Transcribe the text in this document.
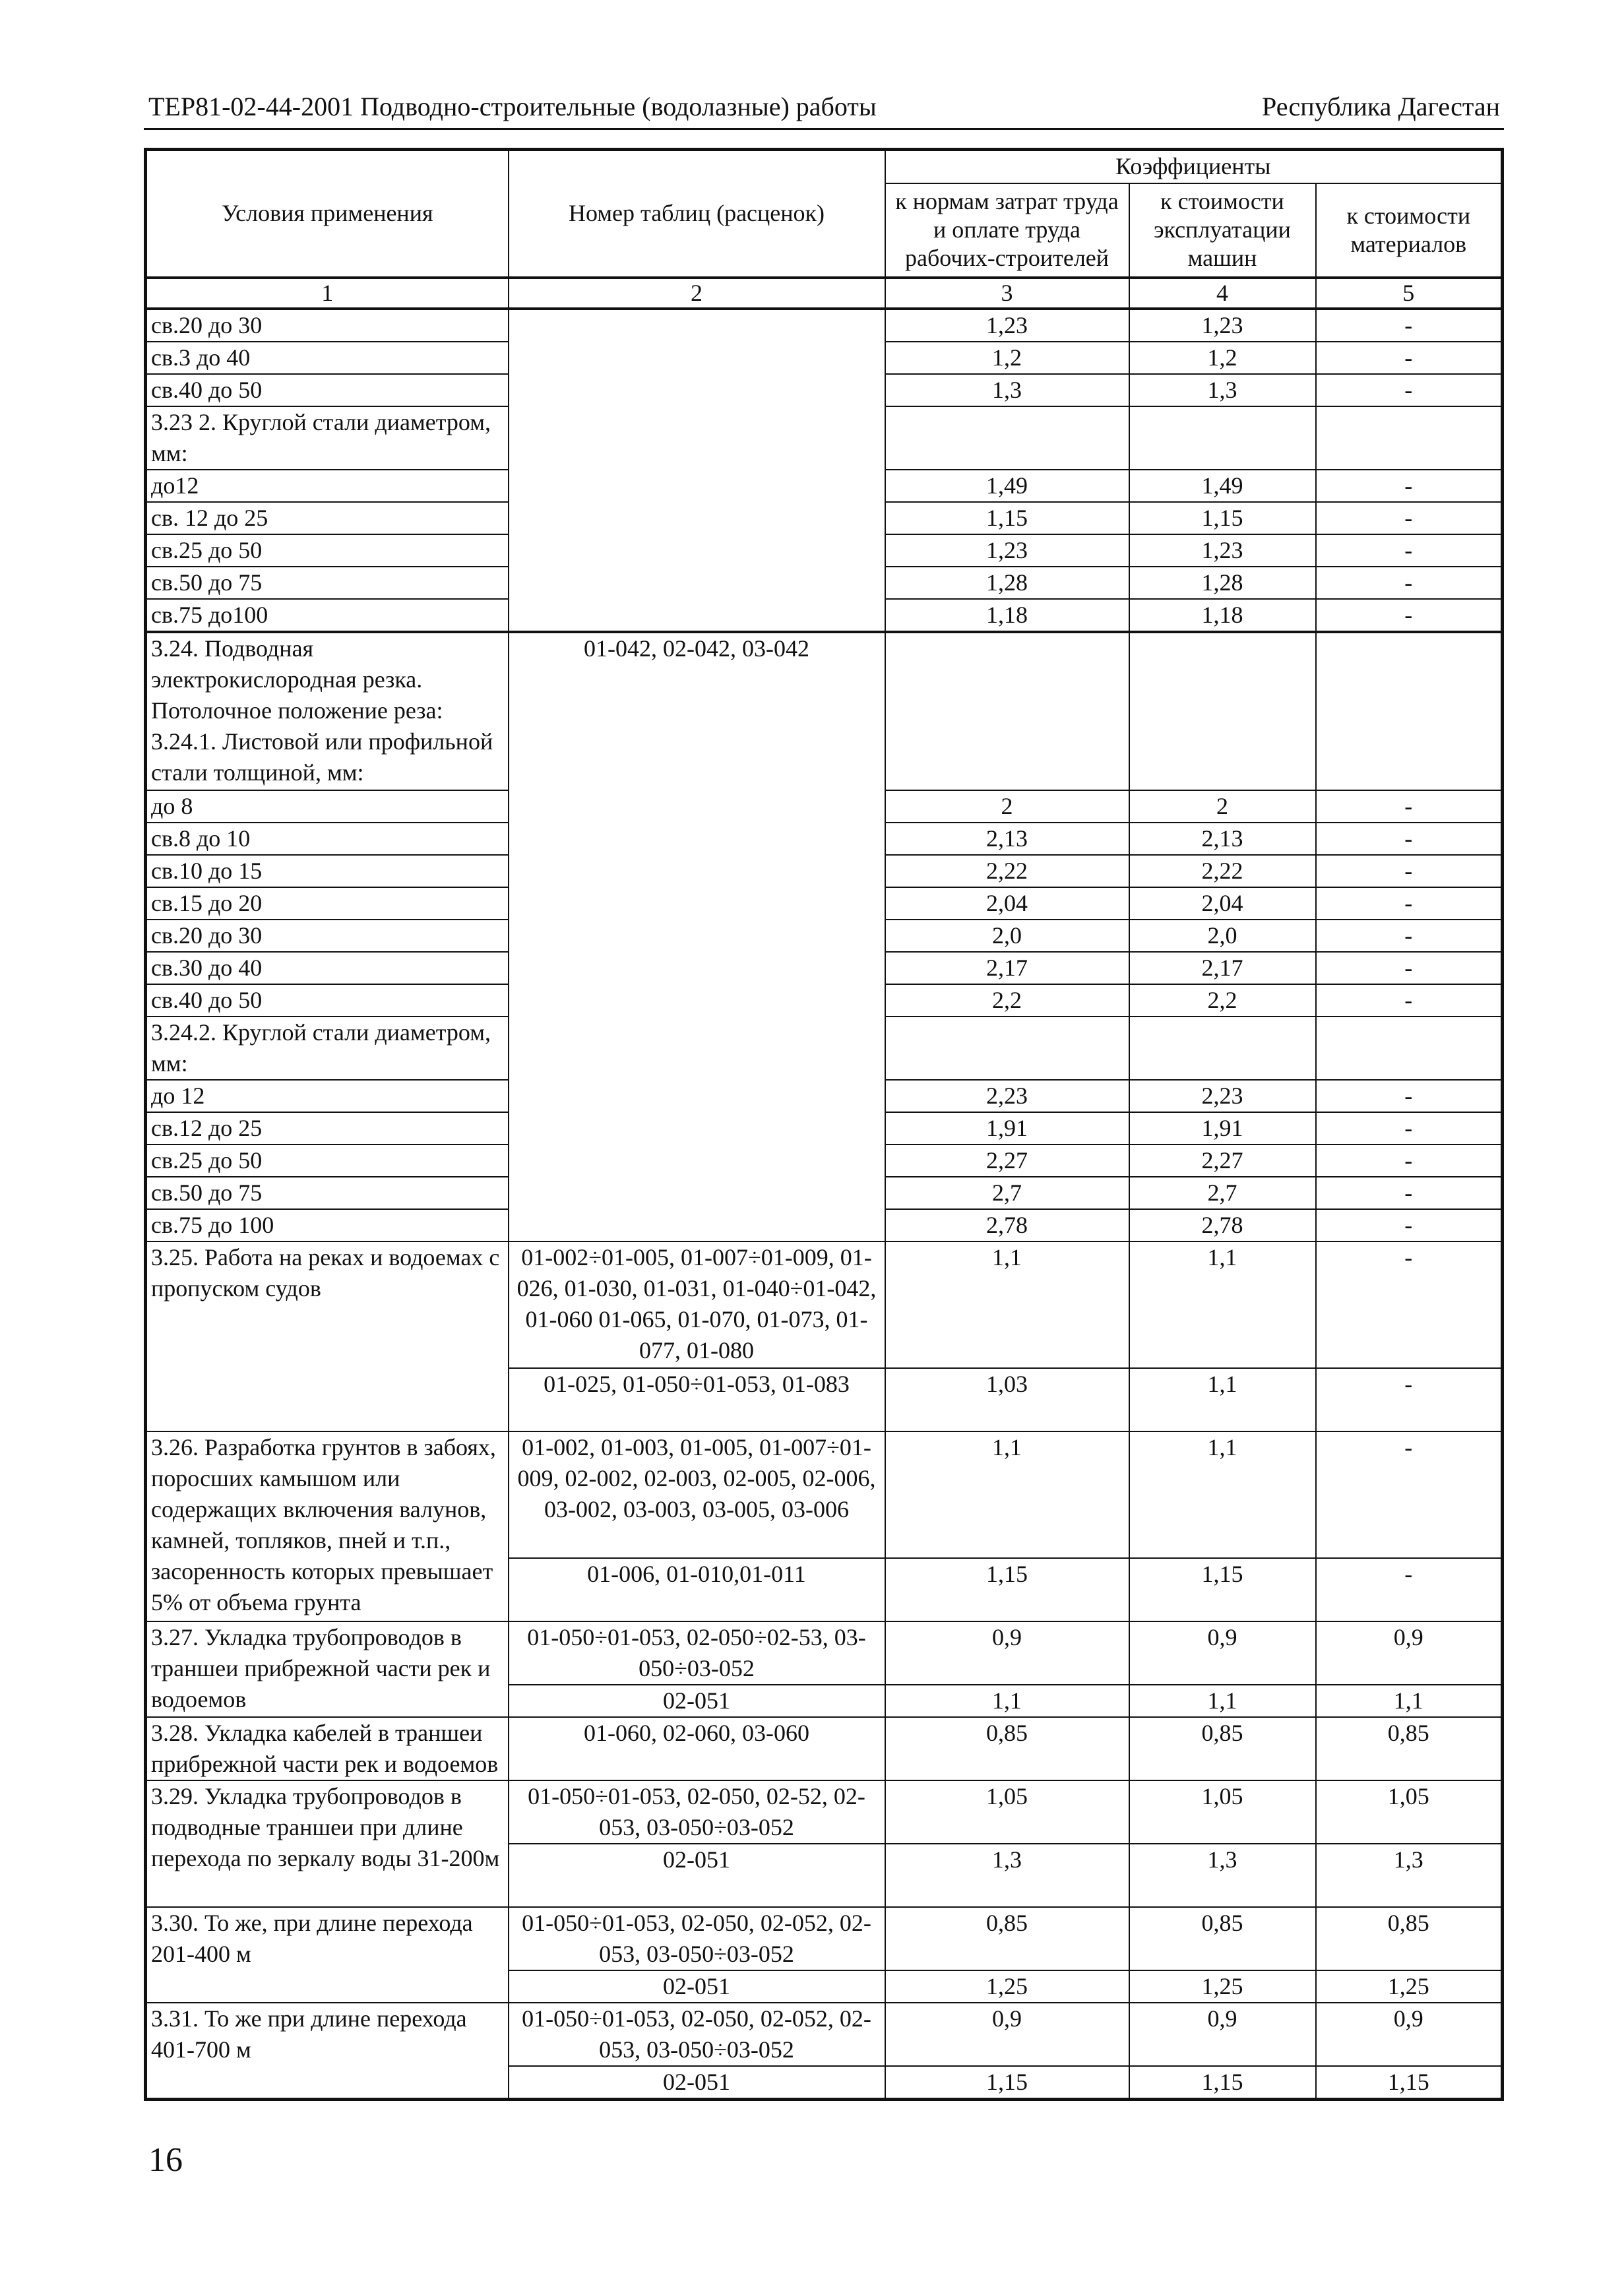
ТЕР81-02-44-2001 Подводно-строительные (водолазные) работы	Республика Дагестан
Условия применения	Номер таблиц (расценок)	Коэффициенты		
		к нормам затрат труда и оплате труда рабочих-строителей	к стоимости эксплуатации машин	к стоимости материалов
1	2	3	4	5
св.20 до 30		1,23	1,23	-
св.3 до 40		1,2	1,2	-
св.40 до 50		1,3	1,3	-
3.23 2. Круглой стали диаметром, мм:				
до12		1,49	1,49	-
св. 12 до 25		1,15	1,15	-
св.25 до 50		1,23	1,23	-
св.50 до 75		1,28	1,28	-
св.75 до100		1,18	1,18	-
3.24. Подводная электрокислородная резка. Потолочное положение реза: 3.24.1. Листовой или профильной стали толщиной, мм:	01-042, 02-042, 03-042			
до 8		2	2	-
св.8 до 10		2,13	2,13	-
св.10 до 15		2,22	2,22	-
св.15 до 20		2,04	2,04	-
св.20 до 30		2,0	2,0	-
св.30 до 40		2,17	2,17	-
св.40 до 50		2,2	2,2	-
3.24.2. Круглой стали диаметром, мм:				
до 12		2,23	2,23	-
св.12 до 25		1,91	1,91	-
св.25 до 50		2,27	2,27	-
св.50 до 75		2,7	2,7	-
св.75 до 100		2,78	2,78	-
3.25. Работа на реках и водоемах с пропуском судов	01-002÷01-005, 01-007÷01-009, 01-026, 01-030, 01-031, 01-040÷01-042, 01-060 01-065, 01-070, 01-073, 01-077, 01-080	1,1	1,1	-
	01-025, 01-050÷01-053, 01-083	1,03	1,1	-
3.26. Разработка грунтов в забоях, поросших камышом или содержащих включения валунов, камней, топляков, пней и т.п., засоренность которых превышает 5% от объема грунта	01-002, 01-003, 01-005, 01-007÷01-009, 02-002, 02-003, 02-005, 02-006, 03-002, 03-003, 03-005, 03-006	1,1	1,1	-
	01-006, 01-010,01-011	1,15	1,15	-
3.27. Укладка трубопроводов в траншеи прибрежной части рек и водоемов	01-050÷01-053, 02-050÷02-53, 03-050÷03-052	0,9	0,9	0,9
	02-051	1,1	1,1	1,1
3.28. Укладка кабелей в траншеи прибрежной части рек и водоемов	01-060, 02-060, 03-060	0,85	0,85	0,85
3.29. Укладка трубопроводов в подводные траншеи при длине перехода по зеркалу воды 31-200м	01-050÷01-053, 02-050, 02-52, 02-053, 03-050÷03-052	1,05	1,05	1,05
	02-051	1,3	1,3	1,3
3.30. То же, при длине перехода 201-400 м	01-050÷01-053, 02-050, 02-052, 02-053, 03-050÷03-052	0,85	0,85	0,85
	02-051	1,25	1,25	1,25
3.31. То же при длине перехода 401-700 м	01-050÷01-053, 02-050, 02-052, 02-053, 03-050÷03-052	0,9	0,9	0,9
	02-051	1,15	1,15	1,15
16
